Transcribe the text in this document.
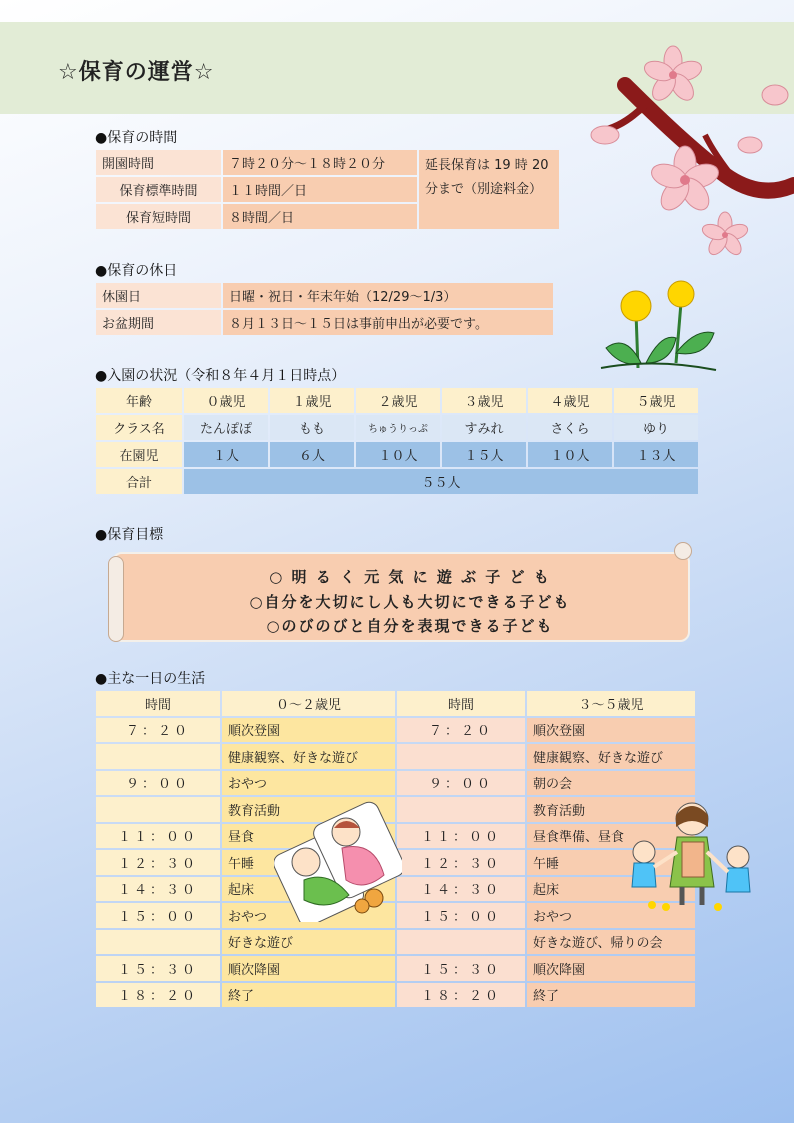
☆保育の運営☆
●保育の時間
開園時間	７時２０分～１８時２０分	延長保育は 19 時 20
分まで（別途料金）
保育標準時間	１１時間／日	
保育短時間	８時間／日	
●保育の休日
休園日	日曜・祝日・年末年始（12/29～1/3）
お盆期間	８月１３日～１５日は事前申出が必要です。
●入園の状況（令和８年４月１日時点）
年齢	０歳児	１歳児	２歳児	３歳児	４歳児	５歳児
クラス名	たんぽぽ	もも	ちゅうりっぷ	すみれ	さくら	ゆり
在園児	１人	６人	１０人	１５人	１０人	１３人
合計	５５人					
●保育目標
○ 明 る く 元 気 に 遊 ぶ 子 ど も
○自分を大切にし人も大切にできる子ども
○のびのびと自分を表現できる子ども
●主な一日の生活
時間	０～２歳児	時間	３～５歳児
７：２０	順次登園	７：２０	順次登園
	健康観察、好きな遊び		健康観察、好きな遊び
９：００	おやつ	９：００	朝の会
	教育活動		教育活動
１１：００	昼食	１１：００	昼食準備、昼食
１２：３０	午睡	１２：３０	午睡
１４：３０	起床	１４：３０	起床
１５：００	おやつ	１５：００	おやつ
	好きな遊び		好きな遊び、帰りの会
１５：３０	順次降園	１５：３０	順次降園
１８：２０	終了	１８：２０	終了
